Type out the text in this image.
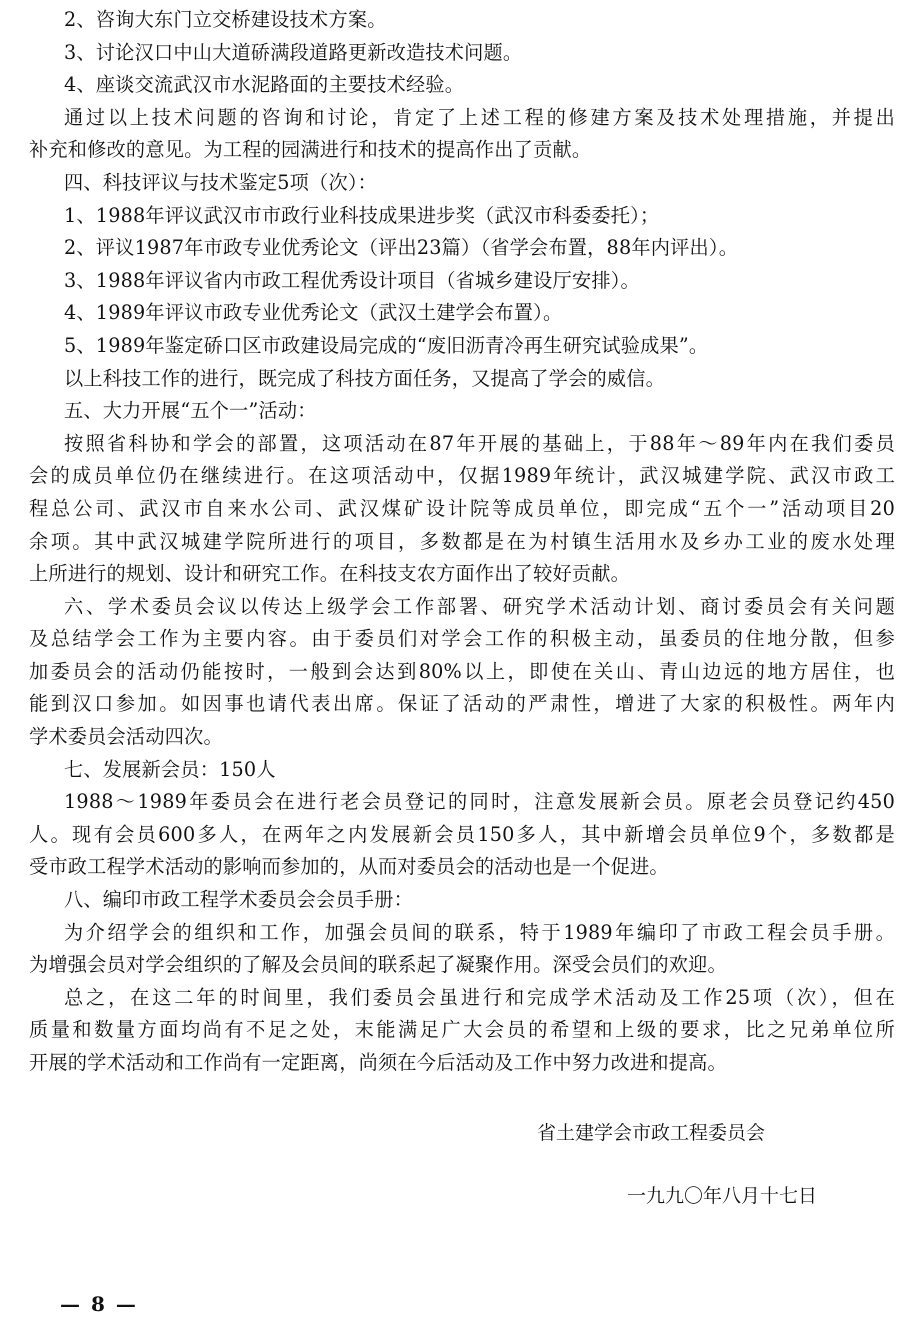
2、咨询大东门立交桥建设技术方案。
3、讨论汉口中山大道硚满段道路更新改造技术问题。
4、座谈交流武汉市水泥路面的主要技术经验。
通过以上技术问题的咨询和讨论，肯定了上述工程的修建方案及技术处理措施，并提出
补充和修改的意见。为工程的园满进行和技术的提高作出了贡献。
四、科技评议与技术鉴定5项（次）：
1、1988年评议武汉市市政行业科技成果进步奖（武汉市科委委托）；
2、评议1987年市政专业优秀论文（评出23篇）（省学会布置，88年内评出）。
3、1988年评议省内市政工程优秀设计项目（省城乡建设厅安排）。
4、1989年评议市政专业优秀论文（武汉土建学会布置）。
5、1989年鉴定硚口区市政建设局完成的“废旧沥青冷再生研究试验成果”。
以上科技工作的进行，既完成了科技方面任务，又提高了学会的威信。
五、大力开展“五个一”活动：
按照省科协和学会的部置，这项活动在87年开展的基础上，于88年～89年内在我们委员
会的成员单位仍在继续进行。在这项活动中，仅据1989年统计，武汉城建学院、武汉市政工
程总公司、武汉市自来水公司、武汉煤矿设计院等成员单位，即完成“五个一”活动项目20
余项。其中武汉城建学院所进行的项目，多数都是在为村镇生活用水及乡办工业的废水处理
上所进行的规划、设计和研究工作。在科技支农方面作出了较好贡献。
六、学术委员会议以传达上级学会工作部署、研究学术活动计划、商讨委员会有关问题
及总结学会工作为主要内容。由于委员们对学会工作的积极主动，虽委员的住地分散，但参
加委员会的活动仍能按时，一般到会达到80%以上，即使在关山、青山边远的地方居住，也
能到汉口参加。如因事也请代表出席。保证了活动的严肃性，增进了大家的积极性。两年内
学术委员会活动四次。
七、发展新会员：150人
1988～1989年委员会在进行老会员登记的同时，注意发展新会员。原老会员登记约450
人。现有会员600多人，在两年之内发展新会员150多人，其中新增会员单位9个，多数都是
受市政工程学术活动的影响而参加的，从而对委员会的活动也是一个促进。
八、编印市政工程学术委员会会员手册：
为介绍学会的组织和工作，加强会员间的联系，特于1989年编印了市政工程会员手册。
为增强会员对学会组织的了解及会员间的联系起了凝聚作用。深受会员们的欢迎。
总之，在这二年的时间里，我们委员会虽进行和完成学术活动及工作25项（次），但在
质量和数量方面均尚有不足之处，末能满足广大会员的希望和上级的要求，比之兄弟单位所
开展的学术活动和工作尚有一定距离，尚须在今后活动及工作中努力改进和提高。
省土建学会市政工程委员会
一九九〇年八月十七日
— 8 —
